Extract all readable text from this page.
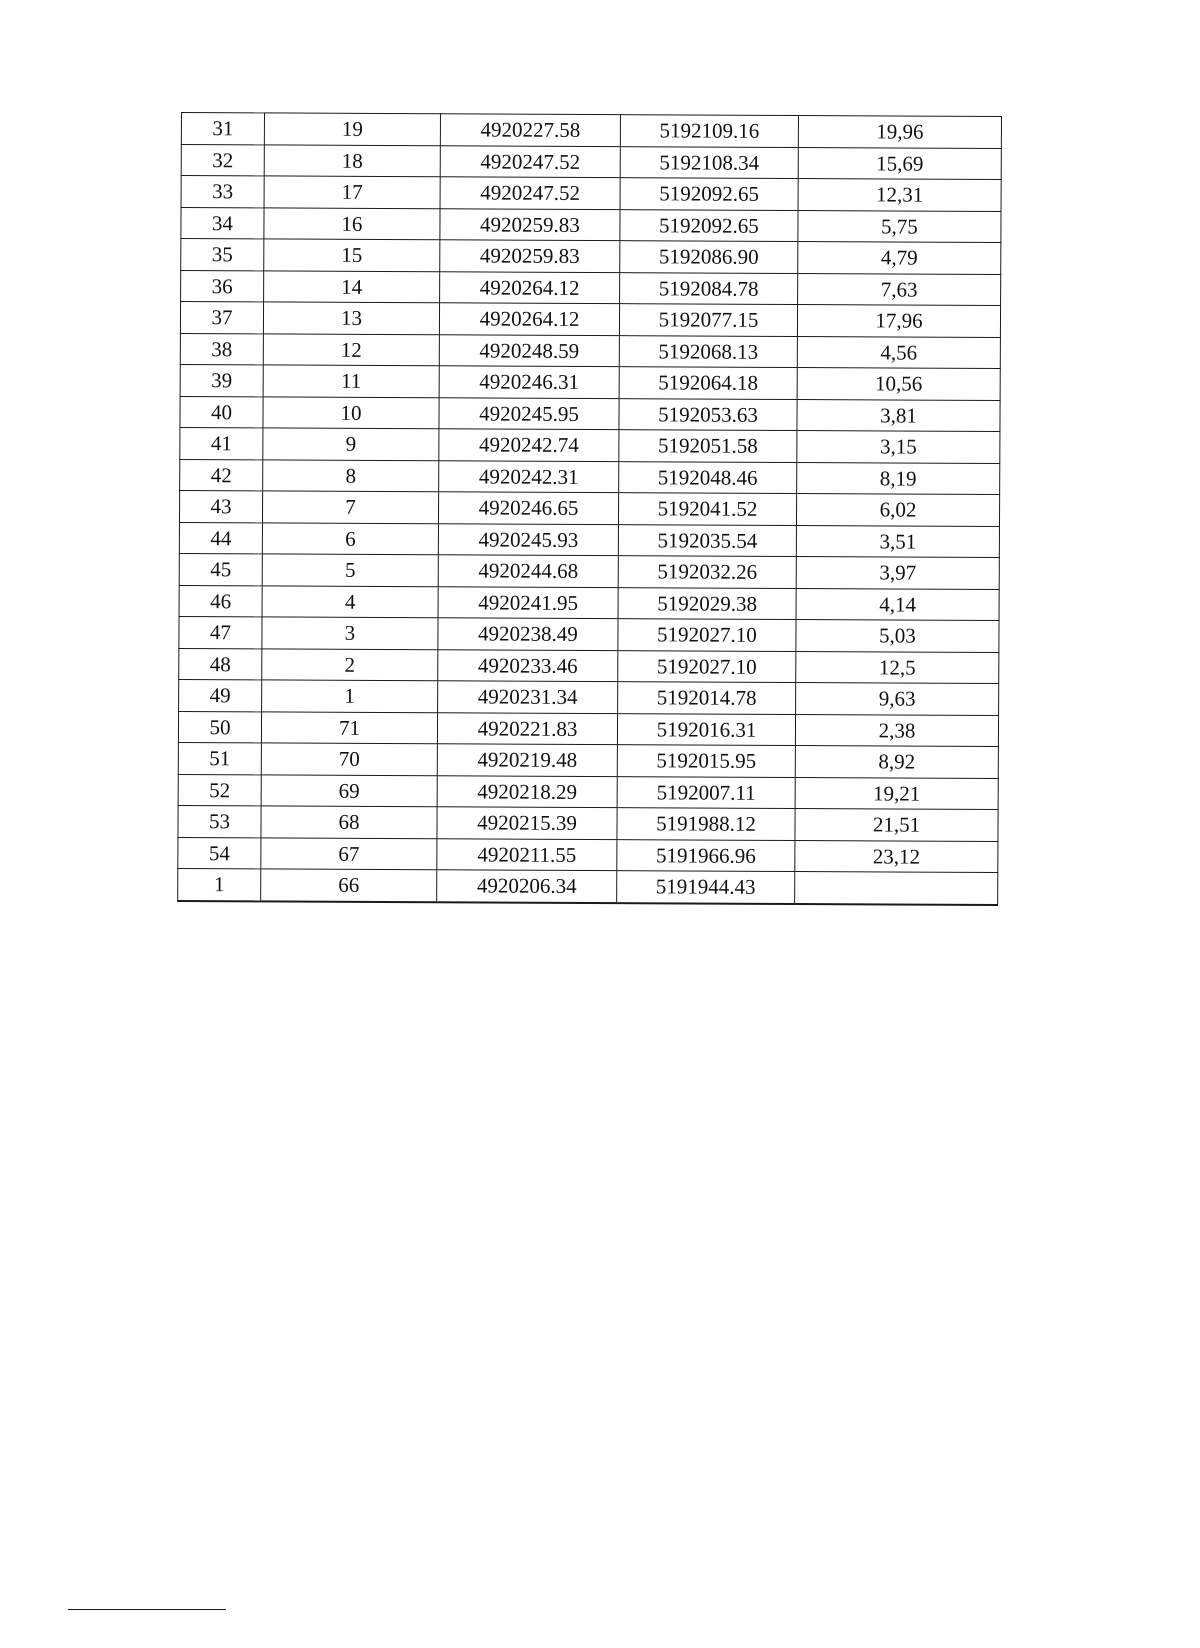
31	19	4920227.58	5192109.16	19,96
32	18	4920247.52	5192108.34	15,69
33	17	4920247.52	5192092.65	12,31
34	16	4920259.83	5192092.65	5,75
35	15	4920259.83	5192086.90	4,79
36	14	4920264.12	5192084.78	7,63
37	13	4920264.12	5192077.15	17,96
38	12	4920248.59	5192068.13	4,56
39	11	4920246.31	5192064.18	10,56
40	10	4920245.95	5192053.63	3,81
41	9	4920242.74	5192051.58	3,15
42	8	4920242.31	5192048.46	8,19
43	7	4920246.65	5192041.52	6,02
44	6	4920245.93	5192035.54	3,51
45	5	4920244.68	5192032.26	3,97
46	4	4920241.95	5192029.38	4,14
47	3	4920238.49	5192027.10	5,03
48	2	4920233.46	5192027.10	12,5
49	1	4920231.34	5192014.78	9,63
50	71	4920221.83	5192016.31	2,38
51	70	4920219.48	5192015.95	8,92
52	69	4920218.29	5192007.11	19,21
53	68	4920215.39	5191988.12	21,51
54	67	4920211.55	5191966.96	23,12
1	66	4920206.34	5191944.43	
